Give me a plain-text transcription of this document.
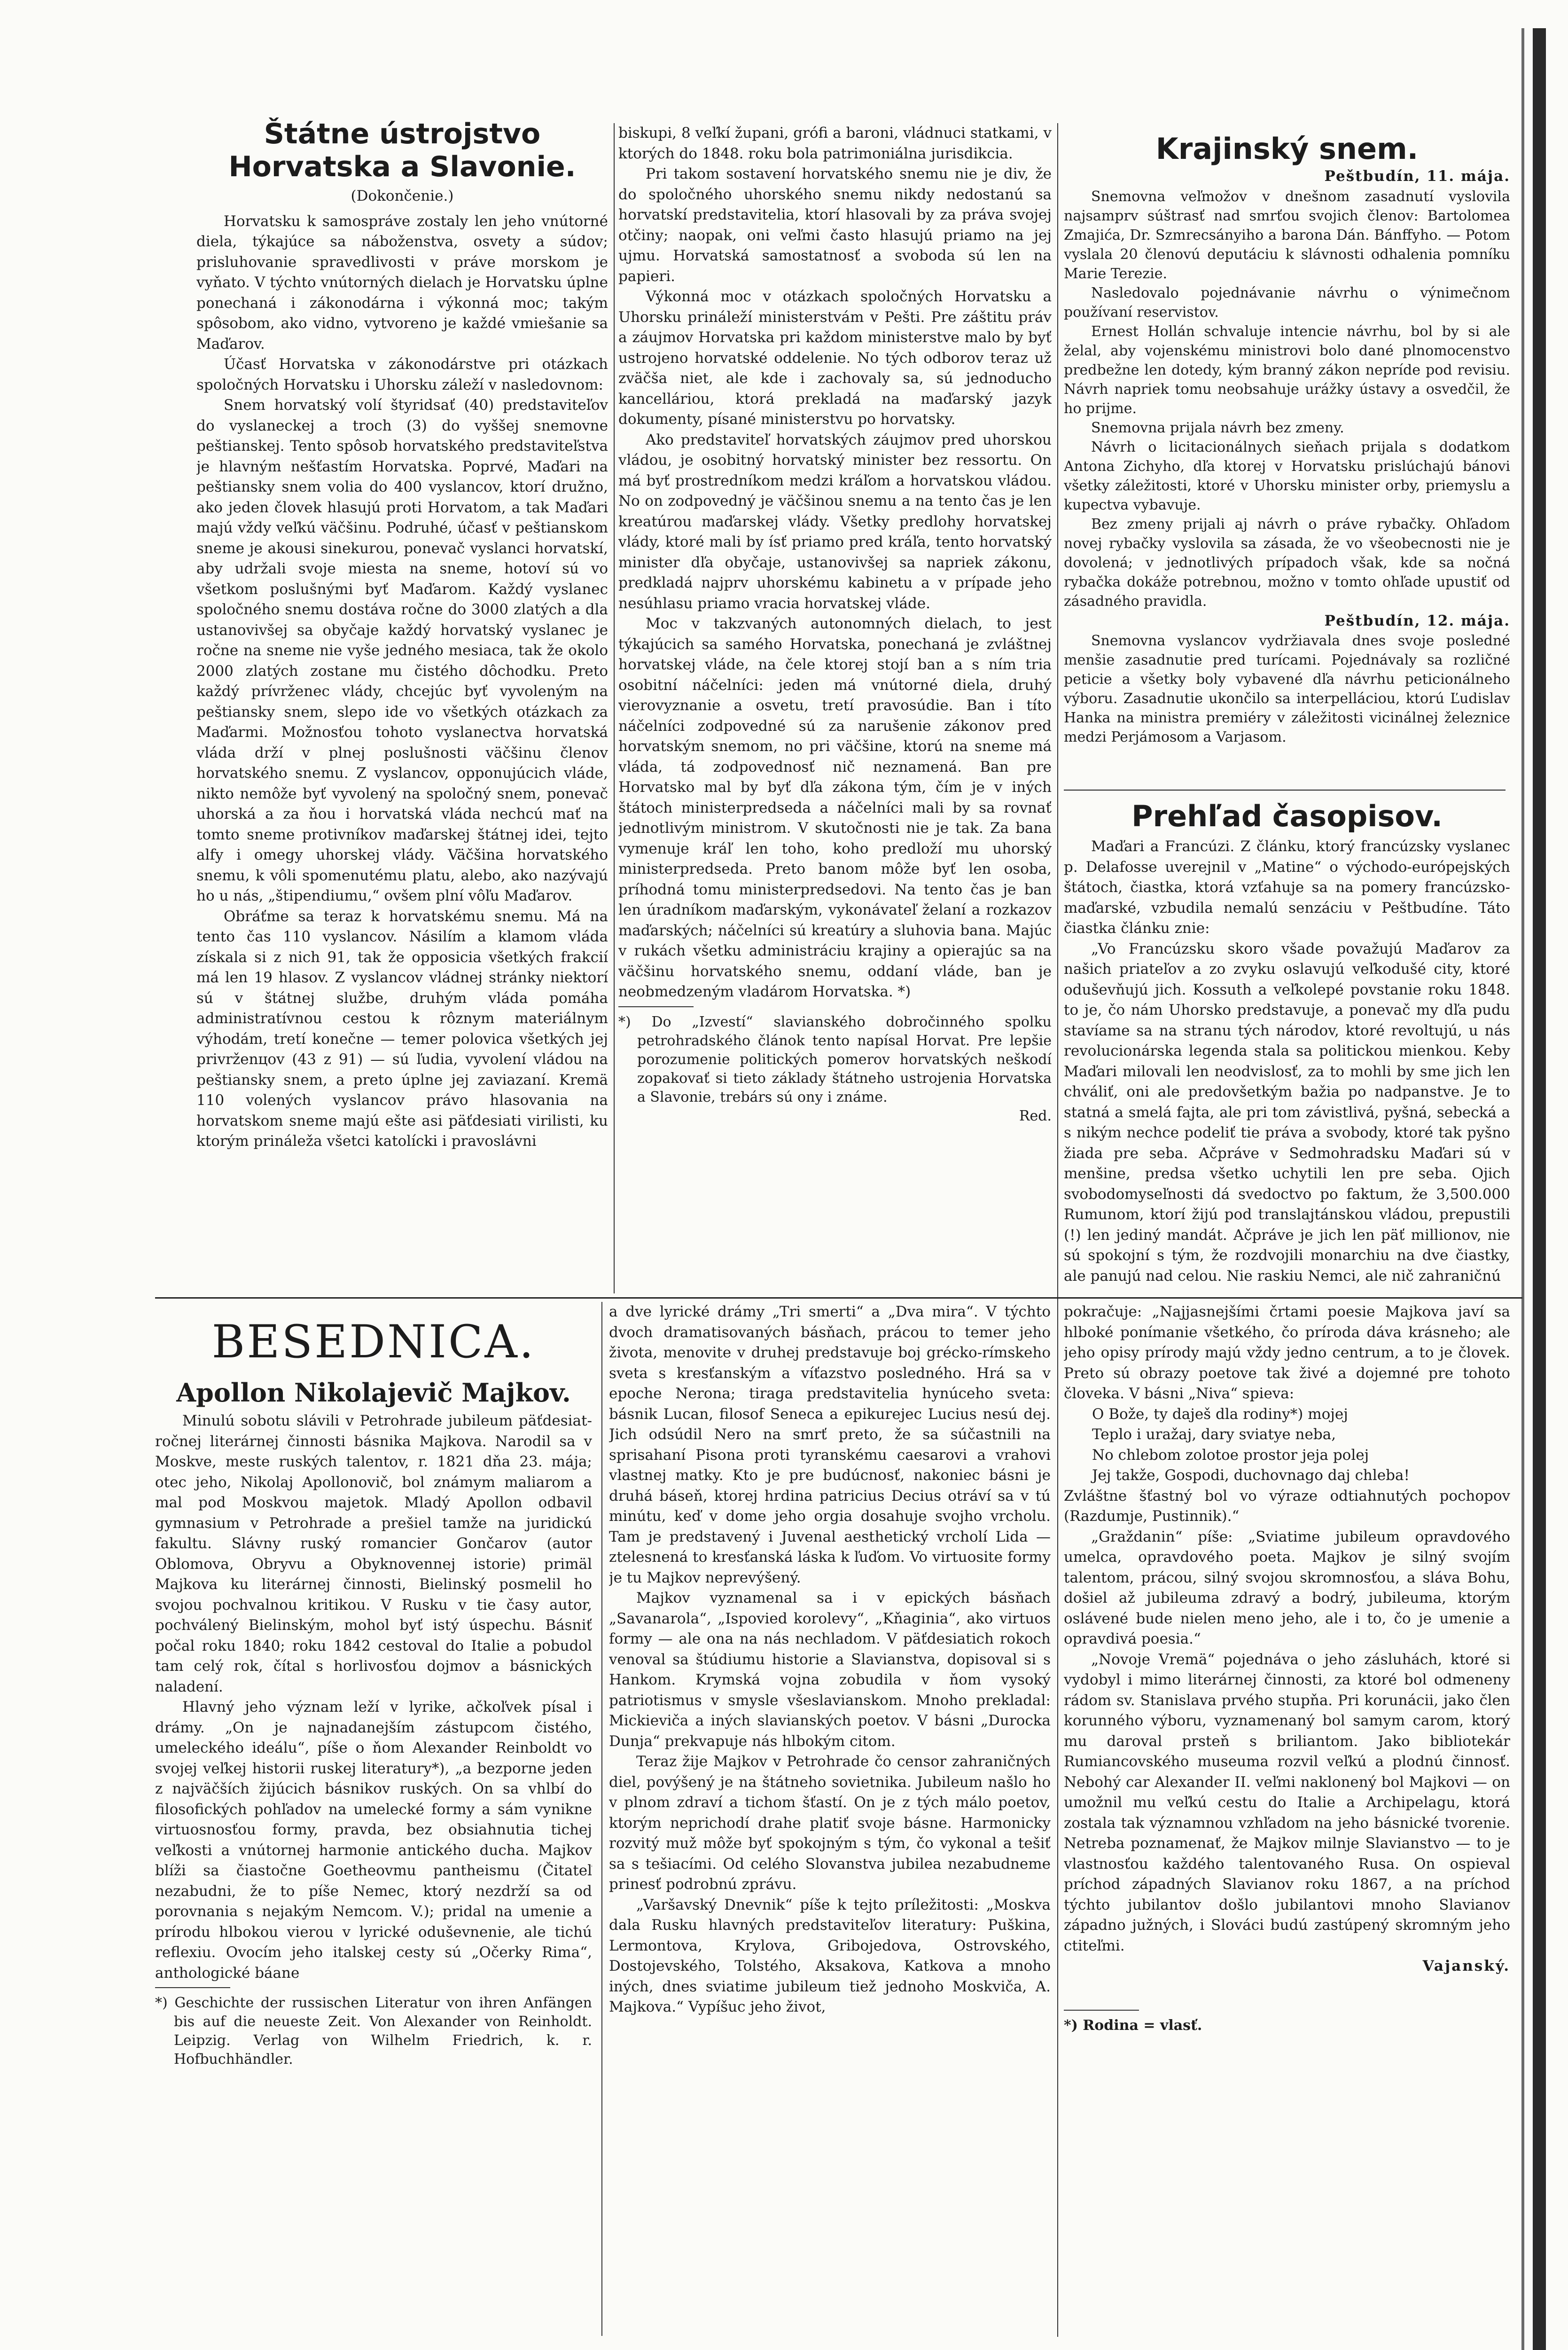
Štátne ústrojstvo Horvatska a Slavonie.

(Dokončenie.)

Horvatsku k samospráve zostaly len jeho vnútorné diela, týkajúce sa náboženstva, osvety a súdov; prisluhovanie spravedlivosti v práve morskom je vyňato. V týchto vnútorných dielach je Horvatsku úplne ponechaná i zákonodárna i výkonná moc; takým spôsobom, ako vidno, vytvoreno je každé vmiešanie sa Maďarov.

Účasť Horvatska v zákonodárstve pri otázkach spoločných Horvatsku i Uhorsku záleží v nasledovnom:

Snem horvatský volí štyridsať (40) predstaviteľov do vyslaneckej a troch (3) do vyššej snemovne peštianskej. Tento spôsob horvatského predstaviteľstva je hlavným nešťastím Horvatska. Poprvé, Maďari na peštiansky snem volia do 400 vyslancov, ktorí družno, ako jeden človek hlasujú proti Horvatom, a tak Maďari majú vždy veľkú väčšinu. Podruhé, účasť v peštianskom sneme je akousi sinekurou, ponevač vyslanci horvatskí, aby udržali svoje miesta na sneme, hotoví sú vo všetkom poslušnými byť Maďarom. Každý vyslanec spoločného snemu dostáva ročne do 3000 zlatých a dla ustanovivšej sa obyčaje každý horvatský vyslanec je ročne na sneme nie vyše jedného mesiaca, tak že okolo 2000 zlatých zostane mu čistého dôchodku. Preto každý prívrženec vlády, chcejúc byť vyvoleným na peštiansky snem, slepo ide vo všetkých otázkach za Maďarmi. Možnosťou tohoto vyslanectva horvatská vláda drží v plnej poslušnosti väčšinu členov horvatského snemu. Z vyslancov, opponujúcich vláde, nikto nemôže byť vyvolený na spoločný snem, ponevač uhorská a za ňou i horvatská vláda nechcú mať na tomto sneme protivníkov maďarskej štátnej idei, tejto alfy i omegy uhorskej vlády. Väčšina horvatského snemu, k vôli spomenutému platu, alebo, ako nazývajú ho u nás, „štipendiumu,“ ovšem plní vôľu Maďarov.

Obráťme sa teraz k horvatskému snemu. Má na tento čas 110 vyslancov. Násilím a klamom vláda získala si z nich 91, tak že opposicia všetkých frakcií má len 19 hlasov. Z vyslancov vládnej stránky niektorí sú v štátnej službe, druhým vláda pomáha administratívnou cestou k rôznym materiálnym výhodám, tretí konečne — temer polovica všetkých jej privrženцov (43 z 91) — sú ľudia, vyvolení vládou na peštiansky snem, a preto úplne jej zaviazaní. Kremä 110 volených vyslancov právo hlasovania na horvatskom sneme majú ešte asi päťdesiati virilisti, ku ktorým prináleža všetci katolícki i pravoslávni

biskupi, 8 veľkí župani, gróﬁ a baroni, vládnuci statkami, v ktorých do 1848. roku bola patrimoniálna jurisdikcia.

Pri takom sostavení horvatského snemu nie je div, že do spoločného uhorského snemu nikdy nedostanú sa horvatskí predstavitelia, ktorí hlasovali by za práva svojej otčiny; naopak, oni veľmi často hlasujú priamo na jej ujmu. Horvatská samostatnosť a svoboda sú len na papieri.

Výkonná moc v otázkach spoločných Horvatsku a Uhorsku prináleží ministerstvám v Pešti. Pre záštitu práv a záujmov Horvatska pri každom ministerstve malo by byť ustrojeno horvatské oddelenie. No tých odborov teraz už zväčša niet, ale kde i zachovaly sa, sú jednoducho kancelláriou, ktorá prekladá na maďarský jazyk dokumenty, písané ministerstvu po horvatsky.

Ako predstaviteľ horvatských záujmov pred uhorskou vládou, je osobitný horvatský minister bez ressortu. On má byť prostredníkom medzi kráľom a horvatskou vládou. No on zodpovedný je väčšinou snemu a na tento čas je len kreatúrou maďarskej vlády. Všetky predlohy horvatskej vlády, ktoré mali by ísť priamo pred kráľa, tento horvatský minister dľa obyčaje, ustanovivšej sa napriek zákonu, predkladá najprv uhorskému kabinetu a v prípade jeho nesúhlasu priamo vracia horvatskej vláde.

Moc v takzvaných autonomných dielach, to jest týkajúcich sa samého Horvatska, ponechaná je zvláštnej horvatskej vláde, na čele ktorej stojí ban a s ním tria osobitní náčelníci: jeden má vnútorné diela, druhý vierovyznanie a osvetu, tretí pravosúdie. Ban i títo náčelníci zodpovedné sú za narušenie zákonov pred horvatským snemom, no pri väčšine, ktorú na sneme má vláda, tá zodpovednosť nič neznamená. Ban pre Horvatsko mal by byť dľa zákona tým, čím je v iných štátoch ministerpredseda a náčelníci mali by sa rovnať jednotlivým ministrom. V skutočnosti nie je tak. Za bana vymenuje kráľ len toho, koho predloží mu uhorský ministerpredseda. Preto banom môže byť len osoba, príhodná tomu ministerpredsedovi. Na tento čas je ban len úradníkom maďarským, vykonávateľ želaní a rozkazov maďarských; náčelníci sú kreatúry a sluhovia bana. Majúc v rukách všetku administráciu krajiny a opierajúc sa na väčšinu horvatského snemu, oddaní vláde, ban je neobmedzeným vladárom Horvatska. *)

*) Do „Izvestí“ slavianského dobročinného spolku petrohradského článok tento napísal Horvat. Pre lepšie porozumenie politických pomerov horvatských neškodí zopakovať si tieto základy štátneho ustrojenia Horvatska a Slavonie, trebárs sú ony i známe.

Red.

Krajinský snem.

Peštbudín, 11. mája.

Snemovna veľmožov v dnešnom zasadnutí vyslovila najsamprv súštrasť nad smrťou svojich členov: Bartolomea Zmajića, Dr. Szmrecsányiho a barona Dán. Bánffyho. — Potom vyslala 20 členovú deputáciu k slávnosti odhalenia pomníku Marie Terezie.

Nasledovalo pojednávanie návrhu o výnimečnom používaní reservistov.

Ernest Hollán schvaluje intencie návrhu, bol by si ale želal, aby vojenskému ministrovi bolo dané plnomocenstvo predbežne len dotedy, kým branný zákon nepríde pod revisiu. Návrh napriek tomu neobsahuje urážky ústavy a osvedčil, že ho prijme.

Snemovna prijala návrh bez zmeny.

Návrh o licitacionálnych sieňach prijala s dodatkom Antona Zichyho, dľa ktorej v Horvatsku prislúchajú bánovi všetky záležitosti, ktoré v Uhorsku minister orby, priemyslu a kupectva vybavuje.

Bez zmeny prijali aj návrh o práve rybačky. Ohľadom novej rybačky vyslovila sa zásada, že vo všeobecnosti nie je dovolená; v jednotlivých prípadoch však, kde sa nočná rybačka dokáže potrebnou, možno v tomto ohľade upustiť od zásadného pravidla.

Peštbudín, 12. mája.

Snemovna vyslancov vydržiavala dnes svoje posledné menšie zasadnutie pred turícami. Pojednávaly sa rozličné peticie a všetky boly vybavené dľa návrhu peticionálneho výboru. Zasadnutie ukončilo sa interpelláciou, ktorú Ľudislav Hanka na ministra premiéry v záležitosti vicinálnej železnice medzi Perjámosom a Varjasom.

Prehľad časopisov.

Maďari a Francúzi. Z článku, ktorý francúzsky vyslanec p. Delafosse uverejnil v „Matine“ o východo-európejských štátoch, čiastka, ktorá vzťahuje sa na pomery francúzsko-maďarské, vzbudila nemalú senzáciu v Peštbudíne. Táto čiastka článku znie:

„Vo Francúzsku skoro všade považujú Maďarov za našich priateľov a zo zvyku oslavujú veľkodušé city, ktoré oduševňujú jich. Kossuth a veľkolepé povstanie roku 1848. to je, čo nám Uhorsko predstavuje, a ponevač my dľa pudu stavíame sa na stranu tých národov, ktoré revoltujú, u nás revolucionárska legenda stala sa politickou mienkou. Keby Maďari milovali len neodvislosť, za to mohli by sme jich len chváliť, oni ale predovšetkým bažia po nadpanstve. Je to statná a smelá fajta, ale pri tom závistlivá, pyšná, sebecká a s nikým nechce podeliť tie práva a svobody, ktoré tak pyšno žiada pre seba. Ačpráve v Sedmohradsku Maďari sú v menšine, predsa všetko uchytili len pre seba. Ojich svobodomyseľnosti dá svedoctvo po faktum, že 3,500.000 Rumunom, ktorí žijú pod translajtánskou vládou, prepustili (!) len jediný mandát. Ačpráve je jich len päť millionov, nie sú spokojní s tým, že rozdvojili monarchiu na dve čiastky, ale panujú nad celou. Nie raskiu Nemci, ale nič zahraničnú

BESEDNICA.

Apollon Nikolajevič Majkov.

Minulú sobotu slávili v Petrohrade jubileum päťdesiat-ročnej literárnej činnosti básnika Majkova. Narodil sa v Moskve, meste ruských talentov, r. 1821 dňa 23. mája; otec jeho, Nikolaj Apollonovič, bol známym maliarom a mal pod Moskvou majetok. Mladý Apollon odbavil gymnasium v Petrohrade a prešiel tamže na juridickú fakultu. Slávny ruský romancier Gončarov (autor Oblomova, Obryvu a Obyknovennej istorie) primäl Majkova ku literárnej činnosti, Bielinský posmelil ho svojou pochvalnou kritikou. V Rusku v tie časy autor, pochválený Bielinským, mohol byť istý úspechu. Básniť počal roku 1840; roku 1842 cestoval do Italie a pobudol tam celý rok, čítal s horlivosťou dojmov a básnických naladení.

Hlavný jeho význam leží v lyrike, ačkoľvek písal i drámy. „On je najnadanejším zástupcom čistého, umeleckého ideálu“, píše o ňom Alexander Reinboldt vo svojej veľkej historii ruskej literatury*), „a bezporne jeden z najväčších žijúcich básnikov ruských. On sa vhlbí do filosofických pohľadov na umelecké formy a sám vynikne virtuosnosťou formy, pravda, bez obsiahnutia tichej veľkosti a vnútornej harmonie antického ducha. Majkov blíži sa čiastočne Goetheovmu pantheismu (Čitateľ nezabudni, že to píše Nemec, ktorý nezdrží sa od porovnania s nejakým Nemcom. V.); pridal na umenie a prírodu hlbokou vierou v lyrické oduševnenie, ale tichú reflexiu. Ovocím jeho italskej cesty sú „Očerky Rima“, anthologické báane

*) Geschichte der russischen Literatur von ihren Anfängen bis auf die neueste Zeit. Von Alexander von Reinholdt. Leipzig. Verlag von Wilhelm Friedrich, k. r. Hofbuchhändler.

a dve lyrické drámy „Tri smerti“ a „Dva mira“. V týchto dvoch dramatisovaných básňach, prácou to temer jeho života, menovite v druhej predstavuje boj grécko-rímskeho sveta s kresťanským a víťazstvo posledného. Hrá sa v epoche Nerona; tiraga predstavitelia hynúceho sveta: básnik Lucan, filosof Seneca a epikurejec Lucius nesú dej. Jich odsúdil Nero na smrť preto, že sa súčastnili na sprisahaní Pisona proti tyranskému caesarovi a vrahovi vlastnej matky. Kto je pre budúcnosť, nakoniec básni je druhá báseň, ktorej hrdina patricius Decius otráví sa v tú minútu, keď v dome jeho orgia dosahuje svojho vrcholu. Tam je predstavený i Juvenal aesthetický vrcholí Lida — ztelesnená to kresťanská láska k ľuďom. Vo virtuosite formy je tu Majkov neprevýšený.

Majkov vyznamenal sa i v epických básňach „Savanarola“, „Ispovied korolevy“, „Kňaginia“, ako virtuos formy — ale ona na nás nechladom. V päťdesiatich rokoch venoval sa štúdiumu historie a Slavianstva, dopisoval si s Hankom. Krymská vojna zobudila v ňom vysoký patriotismus v smysle všeslavianskom. Mnoho prekladal: Mickieviča a iných slavianských poetov. V básni „Durocka Dunja“ prekvapuje nás hlbokým citom.

Teraz žije Majkov v Petrohrade čo censor zahraničných diel, povýšený je na štátneho sovietnika. Jubileum našlo ho v plnom zdraví a tichom šťastí. On je z tých málo poetov, ktorým neprichodí drahe platiť svoje básne. Harmonicky rozvitý muž môže byť spokojným s tým, čo vykonal a tešiť sa s tešiacími. Od celého Slovanstva jubilea nezabudneme prinesť podrobnú zprávu.

„Varšavský Dnevnik“ píše k tejto príležitosti: „Moskva dala Rusku hlavných predstaviteľov literatury: Puškina, Lermontova, Krylova, Gribojedova, Ostrovského, Dostojevského, Tolstého, Aksakova, Katkova a mnoho iných, dnes sviatime jubileum tiež jednoho Moskviča, A. Majkova.“ Vypíšuc jeho život,

pokračuje: „Najjasnejšími črtami poesie Majkova javí sa hlboké ponímanie všetkého, čo príroda dáva krásneho; ale jeho opisy prírody majú vždy jedno centrum, a to je človek. Preto sú obrazy poetove tak živé a dojemné pre tohoto človeka. V básni „Niva“ spieva:

O Bože, ty daješ dla rodiny*) mojej

Teplo i uražaj, dary sviatye neba,

No chlebom zolotoe prostor jeja polej

Jej takže, Gospodi, duchovnago daj chleba!

Zvláštne šťastný bol vo výraze odtiahnutých pochopov (Razdumje, Pustinnik).“

„Graždanin“ píše: „Sviatime jubileum opravdového umelca, opravdového poeta. Majkov je silný svojím talentom, prácou, silný svojou skromnosťou, a sláva Bohu, došiel až jubileuma zdravý a bodrý, jubileuma, ktorým oslávené bude nielen meno jeho, ale i to, čo je umenie a opravdivá poesia.“

„Novoje Vremä“ pojednáva o jeho zásluhách, ktoré si vydobyl i mimo literárnej činnosti, za ktoré bol odmeneny rádom sv. Stanislava prvého stupňa. Pri korunácii, jako člen korunného výboru, vyznamenaný bol samym carom, ktorý mu daroval prsteň s briliantom. Jako bibliotekár Rumiancovského museuma rozvil veľkú a plodnú činnosť. Nebohý car Alexander II. veľmi naklonený bol Majkovi — on umožnil mu veľkú cestu do Italie a Archipelagu, ktorá zostala tak významnou vzhľadom na jeho básnické tvorenie. Netreba poznamenať, že Majkov milnje Slavianstvo — to je vlastnosťou každého talentovaného Rusa. On ospieval príchod západných Slavianov roku 1867, a na príchod týchto jubilantov došlo jubilantovi mnoho Slavianov západno južných, i Slováci budú zastúpený skromným jeho ctiteľmi.

Vajanský.

*) Rodina = vlasť.
